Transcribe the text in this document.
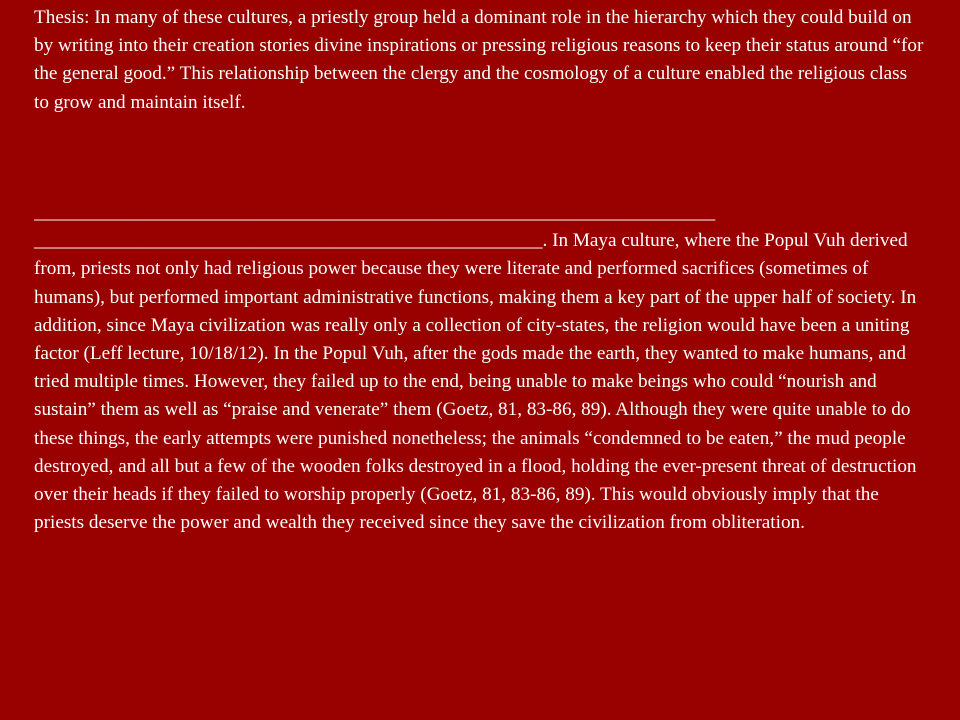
Thesis: In many of these cultures, a priestly group held a dominant role in the hierarchy which they could build on by writing into their creation stories divine inspirations or pressing religious reasons to keep their status around “for the general good.” This relationship between the clergy and the cosmology of a culture enabled the religious class to grow and maintain itself.

_______________________________________________________________________
_____________________________________________________. In Maya culture, where the Popul Vuh derived from, priests not only had religious power because they were literate and performed sacrifices (sometimes of humans), but performed important administrative functions, making them a key part of the upper half of society. In addition, since Maya civilization was really only a collection of city-states, the religion would have been a uniting factor (Leff lecture, 10/18/12). In the Popul Vuh, after the gods made the earth, they wanted to make humans, and tried multiple times. However, they failed up to the end, being unable to make beings who could “nourish and sustain” them as well as “praise and venerate” them (Goetz, 81, 83-86, 89). Although they were quite unable to do these things, the early attempts were punished nonetheless; the animals “condemned to be eaten,” the mud people destroyed, and all but a few of the wooden folks destroyed in a flood, holding the ever-present threat of destruction over their heads if they failed to worship properly (Goetz, 81, 83-86, 89). This would obviously imply that the priests deserve the power and wealth they received since they save the civilization from obliteration.
